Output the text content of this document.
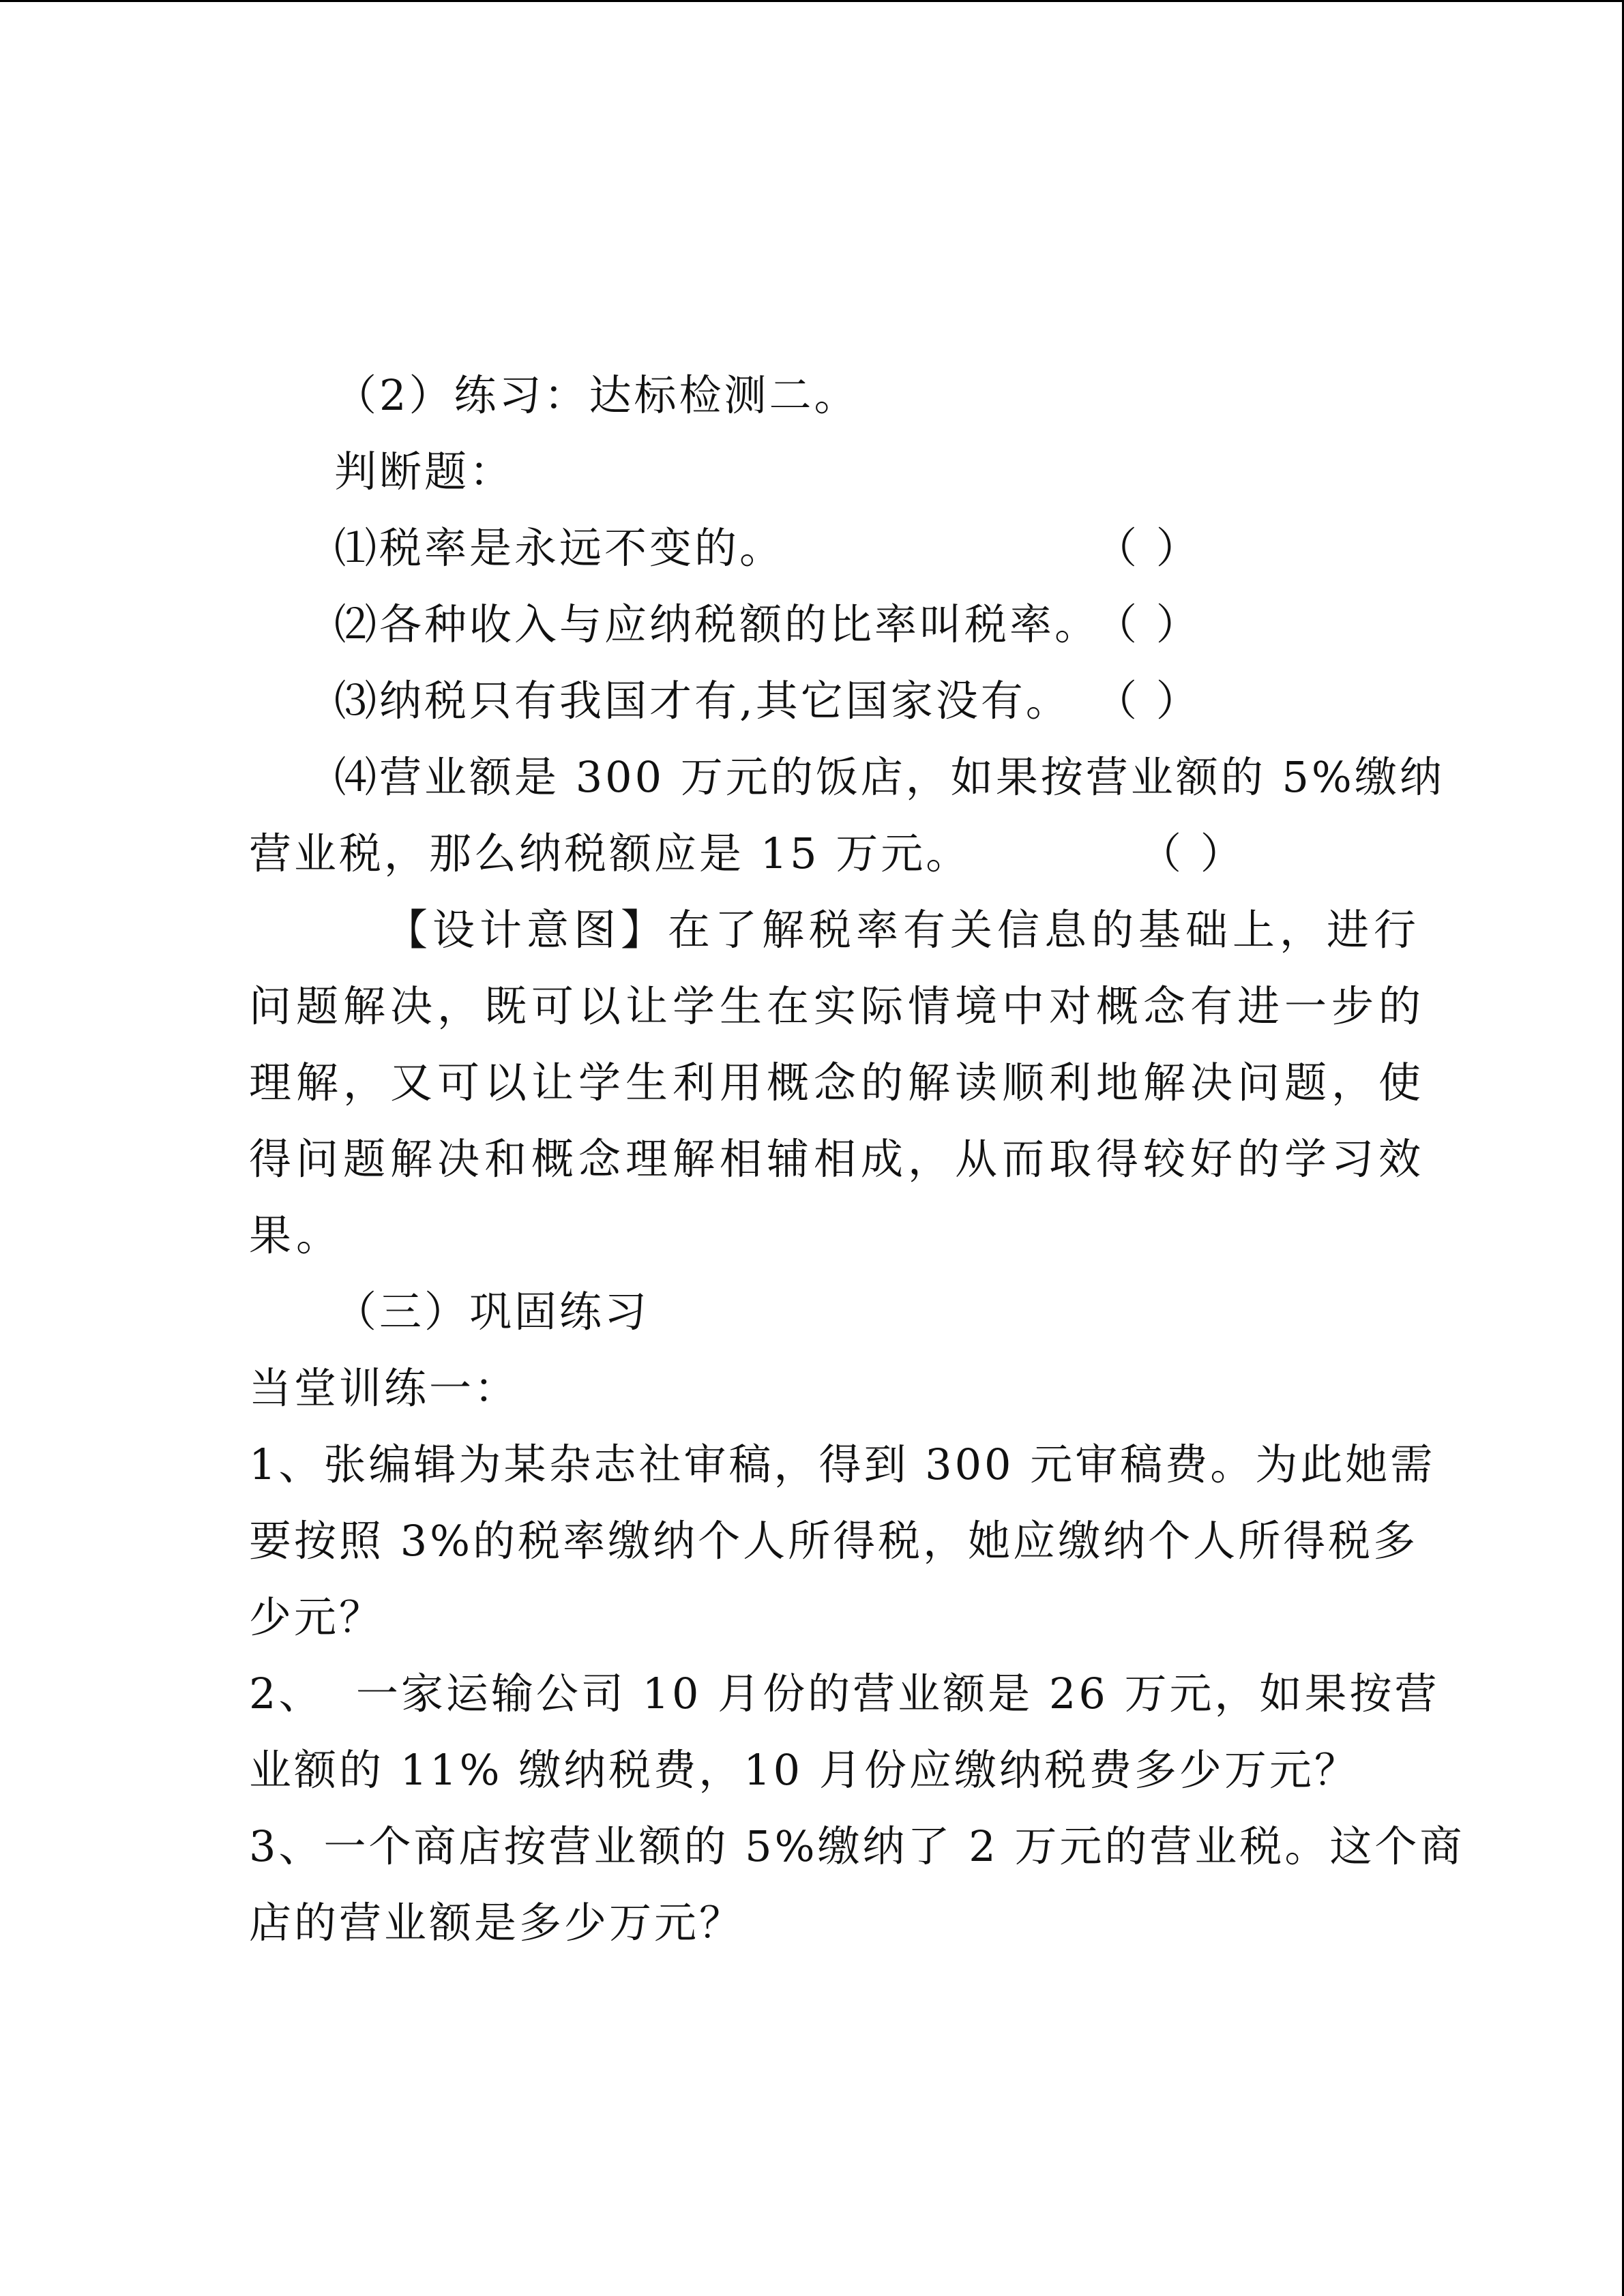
（2）练习：达标检测二。
判断题：
⑴税率是永远不变的。	（ ）
⑵各种收入与应纳税额的比率叫税率。
（ ）
⑶纳税只有我国才有,其它国家没有。 （ ）
⑷营业额是 300 万元的饭店，如果按营业额的 5%缴纳
营业税，那么纳税额应是 15 万元。	（ ）
【设计意图】在了解税率有关信息的基础上，进行
问题解决，既可以让学生在实际情境中对概念有进一步的
理解，又可以让学生利用概念的解读顺利地解决问题，使
得问题解决和概念理解相辅相成，从而取得较好的学习效
果。
（三）巩固练习
当堂训练一：
1、张编辑为某杂志社审稿，得到 300 元审稿费。为此她需
要按照 3%的税率缴纳个人所得税，她应缴纳个人所得税多
少元？
2、  一家运输公司 10 月份的营业额是 26 万元，如果按营
业额的 11% 缴纳税费，10 月份应缴纳税费多少万元？
3、一个商店按营业额的 5%缴纳了 2 万元的营业税。这个商
店的营业额是多少万元？
